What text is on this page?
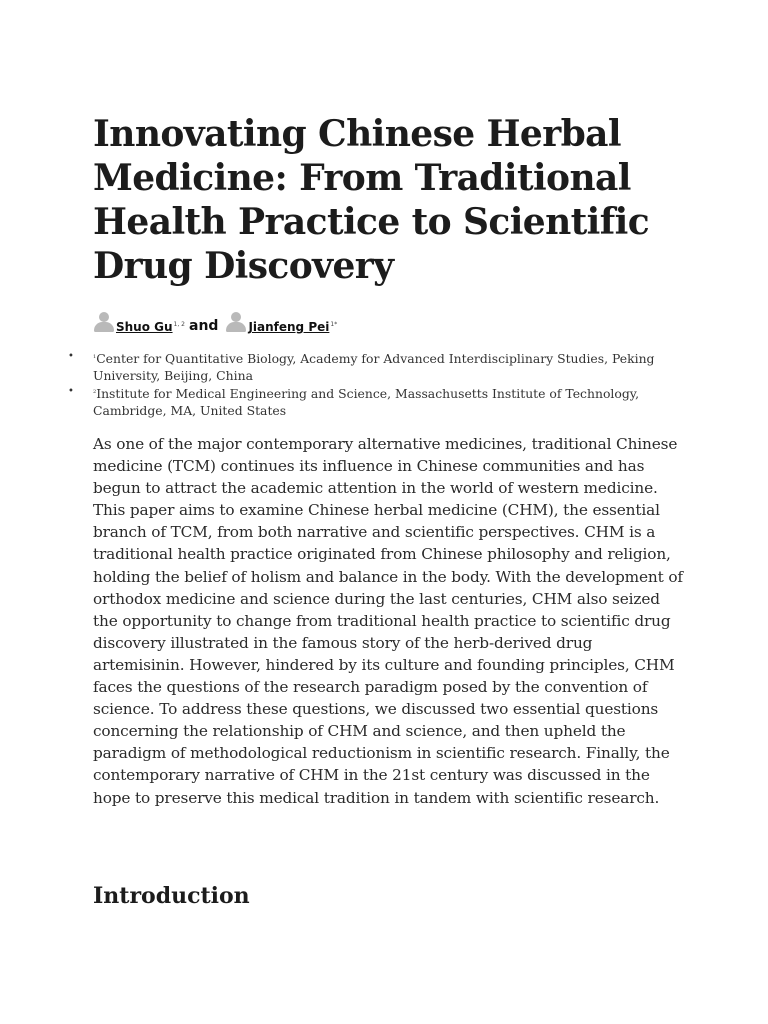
Innovating Chinese Herbal Medicine: From Traditional Health Practice to Scientific Drug Discovery
Shuo Gu 1, 2 and	Jianfeng Pei 1*
•	$^1$Center for Quantitative Biology, Academy for Advanced Interdisciplinary Studies, Peking University, Beijing, China
•	$^2$Institute for Medical Engineering and Science, Massachusetts Institute of Technology, Cambridge, MA, United States

As one of the major contemporary alternative medicines, traditional Chinese medicine (TCM) continues its influence in Chinese communities and has begun to attract the academic attention in the world of western medicine. This paper aims to examine Chinese herbal medicine (CHM), the essential branch of TCM, from both narrative and scientific perspectives. CHM is a traditional health practice originated from Chinese philosophy and religion, holding the belief of holism and balance in the body. With the development of orthodox medicine and science during the last centuries, CHM also seized the opportunity to change from traditional health practice to scientific drug discovery illustrated in the famous story of the herb-derived drug artemisinin. However, hindered by its culture and founding principles, CHM faces the questions of the research paradigm posed by the convention of science. To address these questions, we discussed two essential questions concerning the relationship of CHM and science, and then upheld the paradigm of methodological reductionism in scientific research. Finally, the contemporary narrative of CHM in the 21st century was discussed in the hope to preserve this medical tradition in tandem with scientific research.

Introduction
